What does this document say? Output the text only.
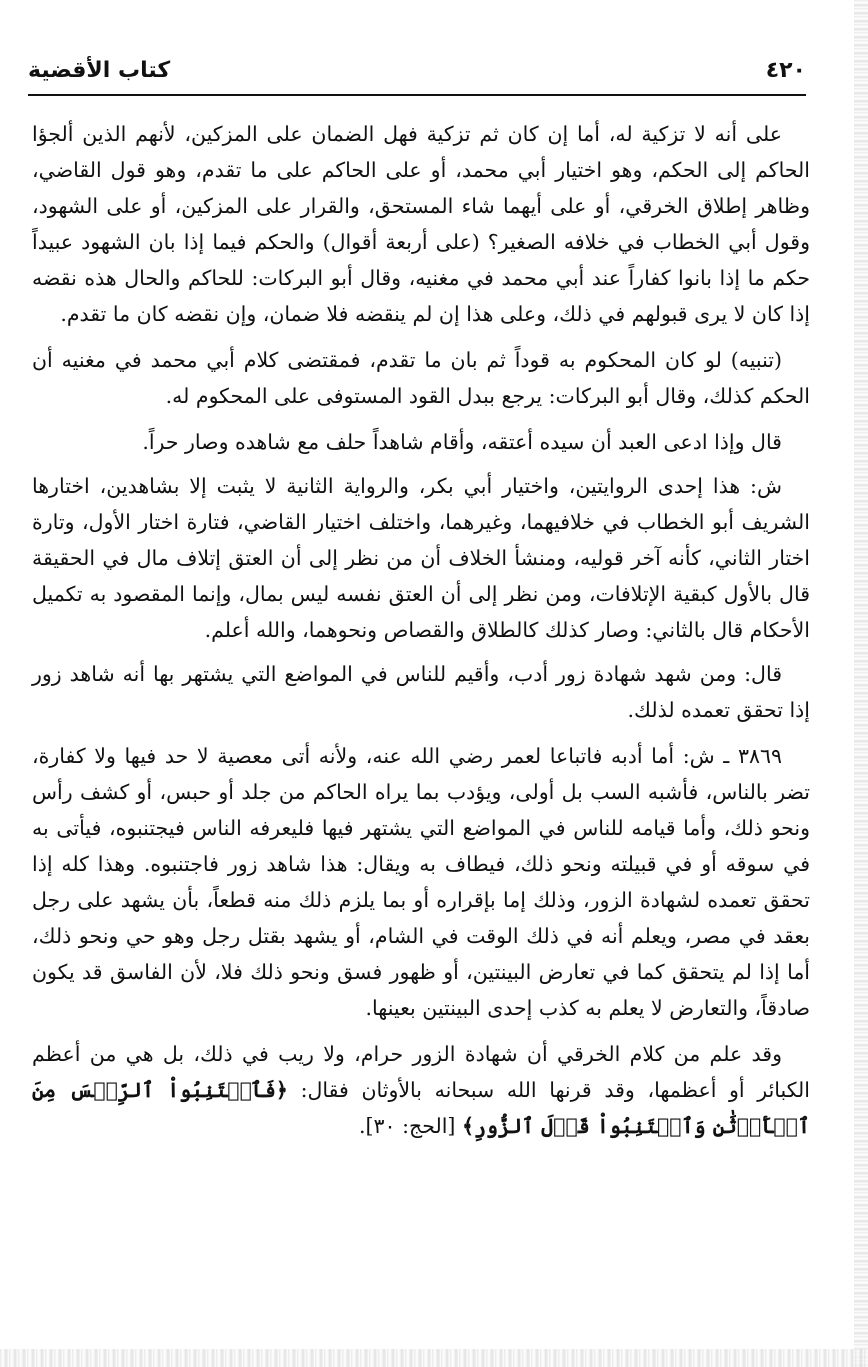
٤٢٠
كتاب الأقضية

على أنه لا تزكية له، أما إن كان ثم تزكية فهل الضمان على المزكين، لأنهم الذين ألجؤا الحاكم إلى الحكم، وهو اختيار أبي محمد، أو على الحاكم على ما تقدم، وهو قول القاضي، وظاهر إطلاق الخرقي، أو على أيهما شاء المستحق، والقرار على المزكين، أو على الشهود، وقول أبي الخطاب في خلافه الصغير؟ (على أربعة أقوال) والحكم فيما إذا بان الشهود عبيداً حكم ما إذا بانوا كفاراً عند أبي محمد في مغنيه، وقال أبو البركات: للحاكم والحال هذه نقضه إذا كان لا يرى قبولهم في ذلك، وعلى هذا إن لم ينقضه فلا ضمان، وإن نقضه كان ما تقدم.

(تنبيه) لو كان المحكوم به قوداً ثم بان ما تقدم، فمقتضى كلام أبي محمد في مغنيه أن الحكم كذلك، وقال أبو البركات: يرجع ببدل القود المستوفى على المحكوم له.

قال وإذا ادعى العبد أن سيده أعتقه، وأقام شاهداً حلف مع شاهده وصار حراً.

ش: هذا إحدى الروايتين، واختيار أبي بكر، والرواية الثانية لا يثبت إلا بشاهدين، اختارها الشريف أبو الخطاب في خلافيهما، وغيرهما، واختلف اختيار القاضي، فتارة اختار الأول، وتارة اختار الثاني، كأنه آخر قوليه، ومنشأ الخلاف أن من نظر إلى أن العتق إتلاف مال في الحقيقة قال بالأول كبقية الإتلافات، ومن نظر إلى أن العتق نفسه ليس بمال، وإنما المقصود به تكميل الأحكام قال بالثاني: وصار كذلك كالطلاق والقصاص ونحوهما، والله أعلم.

قال: ومن شهد شهادة زور أدب، وأقيم للناس في المواضع التي يشتهر بها أنه شاهد زور إذا تحقق تعمده لذلك.

٣٨٦٩ ـ ش: أما أدبه فاتباعا لعمر رضي الله عنه، ولأنه أتى معصية لا حد فيها ولا كفارة، تضر بالناس، فأشبه السب بل أولى، ويؤدب بما يراه الحاكم من جلد أو حبس، أو كشف رأس ونحو ذلك، وأما قيامه للناس في المواضع التي يشتهر فيها فليعرفه الناس فيجتنبوه، فيأتى به في سوقه أو في قبيلته ونحو ذلك، فيطاف به ويقال: هذا شاهد زور فاجتنبوه. وهذا كله إذا تحقق تعمده لشهادة الزور، وذلك إما بإقراره أو بما يلزم ذلك منه قطعاً، بأن يشهد على رجل بعقد في مصر، ويعلم أنه في ذلك الوقت في الشام، أو يشهد بقتل رجل وهو حي ونحو ذلك، أما إذا لم يتحقق كما في تعارض البينتين، أو ظهور فسق ونحو ذلك فلا، لأن الفاسق قد يكون صادقاً، والتعارض لا يعلم به كذب إحدى البينتين بعينها.

وقد علم من كلام الخرقي أن شهادة الزور حرام، ولا ريب في ذلك، بل هي من أعظم الكبائر أو أعظمها، وقد قرنها الله سبحانه بالأوثان فقال: ﴿فَٱجۡتَنِبُواْ ٱلرِّجۡسَ مِنَ ٱلۡأَوۡثَٰنِ وَٱجۡتَنِبُواْ قَوۡلَ ٱلزُّورِ﴾ [الحج: ٣٠].
